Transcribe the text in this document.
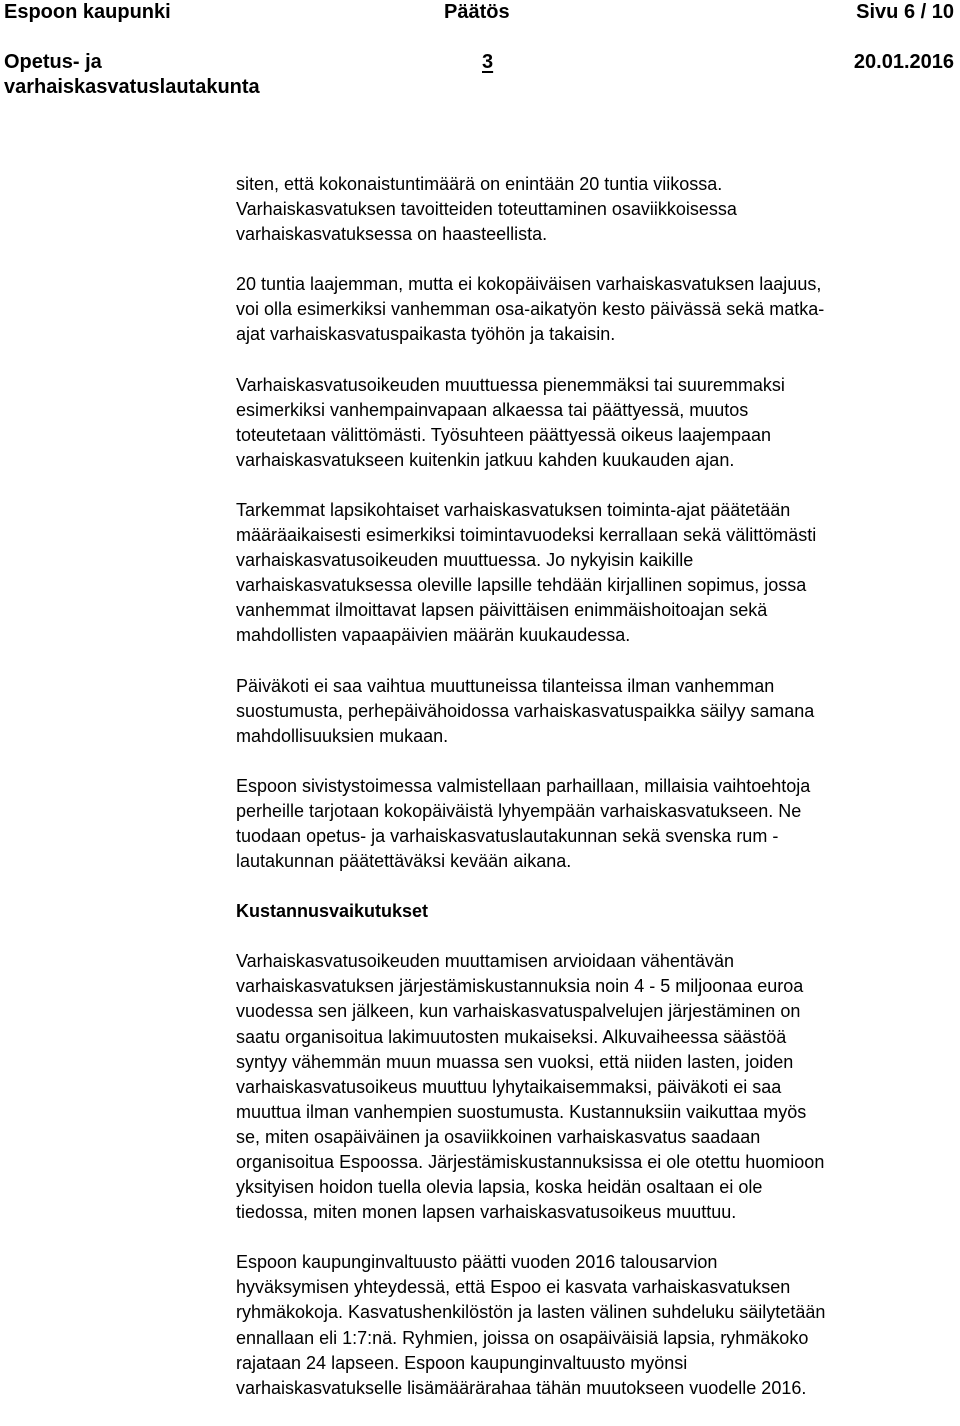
Espoon kaupunki	Päätös	Sivu 6 / 10
Opetus- ja
varhaiskasvatuslautakunta
3	20.01.2016
siten, että kokonaistuntimäärä on enintään 20 tuntia viikossa.
Varhaiskasvatuksen tavoitteiden toteuttaminen osaviikkoisessa
varhaiskasvatuksessa on haasteellista.
20 tuntia laajemman, mutta ei kokopäiväisen varhaiskasvatuksen laajuus,
voi olla esimerkiksi vanhemman osa-aikatyön kesto päivässä sekä matka-
ajat varhaiskasvatuspaikasta työhön ja takaisin.
Varhaiskasvatusoikeuden muuttuessa pienemmäksi tai suuremmaksi
esimerkiksi vanhempainvapaan alkaessa tai päättyessä, muutos
toteutetaan välittömästi. Työsuhteen päättyessä oikeus laajempaan
varhaiskasvatukseen kuitenkin jatkuu kahden kuukauden ajan.
Tarkemmat lapsikohtaiset varhaiskasvatuksen toiminta-ajat päätetään
määräaikaisesti esimerkiksi toimintavuodeksi kerrallaan sekä välittömästi
varhaiskasvatusoikeuden muuttuessa. Jo nykyisin kaikille
varhaiskasvatuksessa oleville lapsille tehdään kirjallinen sopimus, jossa
vanhemmat ilmoittavat lapsen päivittäisen enimmäishoitoajan sekä
mahdollisten vapaapäivien määrän kuukaudessa.
Päiväkoti ei saa vaihtua muuttuneissa tilanteissa ilman vanhemman
suostumusta, perhepäivähoidossa varhaiskasvatuspaikka säilyy samana
mahdollisuuksien mukaan.
Espoon sivistystoimessa valmistellaan parhaillaan, millaisia vaihtoehtoja
perheille tarjotaan kokopäiväistä lyhyempään varhaiskasvatukseen. Ne
tuodaan opetus- ja varhaiskasvatuslautakunnan sekä svenska rum -
lautakunnan päätettäväksi kevään aikana.
Kustannusvaikutukset
Varhaiskasvatusoikeuden muuttamisen arvioidaan vähentävän
varhaiskasvatuksen järjestämiskustannuksia noin 4 - 5 miljoonaa euroa
vuodessa sen jälkeen, kun varhaiskasvatuspalvelujen järjestäminen on
saatu organisoitua lakimuutosten mukaiseksi. Alkuvaiheessa säästöä
syntyy vähemmän muun muassa sen vuoksi, että niiden lasten, joiden
varhaiskasvatusoikeus muuttuu lyhytaikaisemmaksi, päiväkoti ei saa
muuttua ilman vanhempien suostumusta. Kustannuksiin vaikuttaa myös
se, miten osapäiväinen ja osaviikkoinen varhaiskasvatus saadaan
organisoitua Espoossa. Järjestämiskustannuksissa ei ole otettu huomioon
yksityisen hoidon tuella olevia lapsia, koska heidän osaltaan ei ole
tiedossa, miten monen lapsen varhaiskasvatusoikeus muuttuu.
Espoon kaupunginvaltuusto päätti vuoden 2016 talousarvion
hyväksymisen yhteydessä, että Espoo ei kasvata varhaiskasvatuksen
ryhmäkokoja. Kasvatushenkilöstön ja lasten välinen suhdeluku säilytetään
ennallaan eli 1:7:nä. Ryhmien, joissa on osapäiväisiä lapsia, ryhmäkoko
rajataan 24 lapseen. Espoon kaupunginvaltuusto myönsi
varhaiskasvatukselle lisämäärärahaa tähän muutokseen vuodelle 2016.
